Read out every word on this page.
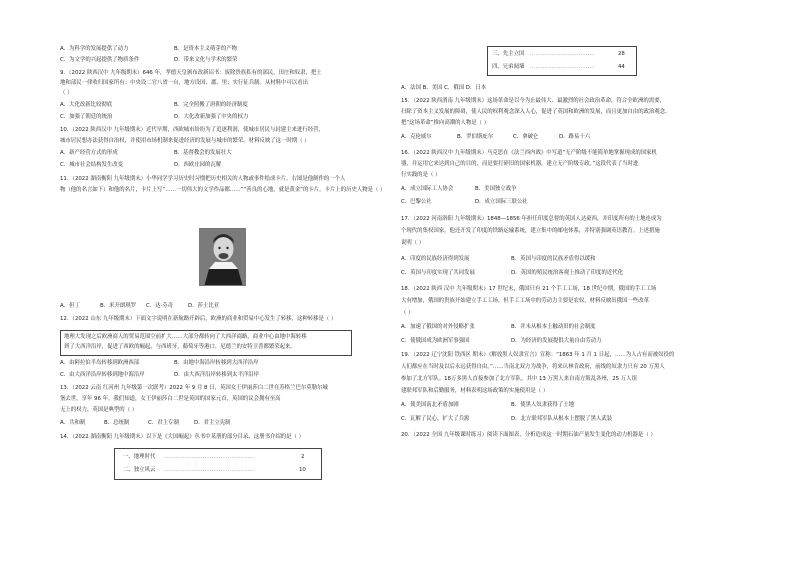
A．为科学的发展提供了动力	B．是资本主义萌芽的产物
C．为文学的兴起提供了物质条件	D．带来文化与学术的繁荣
9．（2022 陕西汉中 九年级期末）646 年，孝德天皇颁布改新诏书：废除贵族私有的部民、田庄和奴隶，把土
地和部民一律收归国家所有；中央设二官八省一台，地方设国、郡、里；实行征兵制。从材料中可以看出
（ ）
A．大化改新比较彻底	B．完全照搬了唐朝的经济制度
C．加强了朝廷的统治	D．大化改新加强了中央的权力
10．（2022 陕西汉中 九年级期末）近代早期，西欧城市纷纷为了追逐利润，使城市居民与封建主来进行经营，
城市居民想办法获得自治权，并使用市场机制来促进经济的发展与城市的繁荣。材料反映了这一时期（ ）
A．新产经营方式的形成	B．基督教会的发展壮大
C．城市社会结构发生改变	D．西欧庄园的瓦解
11．（2022 湖南衡阳 九年级期末）小华同学学习历史时习惯把历史相关的人物或事件绘成卡片。右图是他制作的一个人
物（他的名言如下）和他的名片，卡片上写“……一切伟大的文学作品都……”“善良的心地，就是黄金”的卡片，卡片上的历史人物是（ ）
A．但丁	B．米开朗琪罗 C．达·芬奇	D．莎士比亚
12．（2022 山东 九年级期末）下面文字说明在新航路开辟后，欧洲的商业和贸易中心发生了转移，这种转移是（ ）
地理大发现之后欧洲商人的贸易范围空前扩大……大部分都转向了大西洋商路，商业中心由地中海转移
到了大西洋沿岸，促进了西欧的崛起，与西班牙，葡萄牙等港口，尼德兰的安特卫普都繁荣起来。
A．由阿拉伯半岛转移到欧洲西部	B．由地中海沿岸转移到大西洋沿岸
C．由大西洋沿岸转移到地中海沿岸	D．由大西洋沿岸转移到太平洋沿岸
13．（2022 云南 红河州 九年级第一次联考）2022 年 9 月 8 日，英国女王伊丽莎白二世在苏格兰巴尔莫勒尔城
堡去世，享年 96 年。我们知道，女王伊丽莎白二世是英国的国家元首，英国的议会拥有至高
无上的权力，英国是典型的（ ）
A．共和制	B．总统制	C．君主专制	D．君主立宪制
14．（2022 湖南衡阳 九年级期末）以下是《大国崛起》丛书中某册的部分目录，这册书介绍的是（ ）
一、地理时代 ……………………………………………	2
二、独立风云 ……………………………………………	10
三、先主立国 ………………………………	28
四、兄弟阋墙 ………………………………	44
A．法国 B．美国 C．俄国 D．日本
15．（2022 陕西渭南 九年级期末）这场革命是以今为止最伟大、最激烈的社会政治革命，符合全欧洲的需要，
扫除了资本主义发展的障碍，使人民的权利观念深入人心，促进了英国和欧洲的发展，而且更加自由的政治观念。
把“这场革命”推向高潮的人物是（ ）
A．克伦威尔	B．罗伯斯庇尔	C．拿破仑	D．路易十六
16．（2022 陕西汉中 九年级期末）马克思在《法兰西内战》中写道“无产阶级不能简单地掌握现成的国家机
器，并运用它来达到自己的目的，而是要打碎旧的国家机器，建立无产阶级专政。”这段代表了当时进
行实践的是（ ）
A．成立国际工人协会	B．美国独立战争
C．巴黎公社	D．成立国际三联公社
17．（2022 河南洛阳 九年级期末）1848—1856 年担任印度总督的英国人达豪西，并印度所有的土地连成为
个现代的集权国家。他还开发了印度的铁路运输系统，建立集中的邮电体系，并特别强调英语教育。上述措施
说明（ ）
A．印度的民族经济得到发展	B．英国与印度的民族矛盾得以缓和
C．英国与印度实现了共同发展	D．英国的殖民统治客观上推动了印度的近代化
18．（2022 陕西 汉中 九年级期末）17 世纪末，俄国只有 21 个手工工场，18 世纪中期，俄国的手工工场
大有增加，俄国的贵族开始建立手工工场，但手工工场中的劳动力主要是农奴，材料反映出俄国一些改革
（ ）
A．加速了俄国的对外侵略扩张	B．并未从根本上触动旧的社会制度
C．使俄国成为欧洲军事强国	D．为经济的发展提供大量自由劳动力
19．（2022 辽宁沈阳 铁西区 期末）《解放黑人奴隶宣言》宣称：“1863 年 1 月 1 日起，……为人占有而被奴役的
人们都应在当时及以后永远获得自由。”……当南北双方为战争，将来认林肯政府，前线的奴隶力只有 20 万黑人
参加了北方军队。18万多黑人直接参加了北方军队，其中 13 万黑人来自南方叛乱各州，25 万人组
建联邦军队和后勤服务，材料表明这场政策的实施使用是（ ）
A．使美国南北矛盾加剧	B．使黑人奴隶获得了土地
C．瓦解了民心，扩大了兵源	D．北方联邦军队从根本上摆脱了黑人武装
20．（2022 全国 九年级课时练习）阅读下面图表，分析造成这一时期石油产量发生变化的动力机器是（ ）
